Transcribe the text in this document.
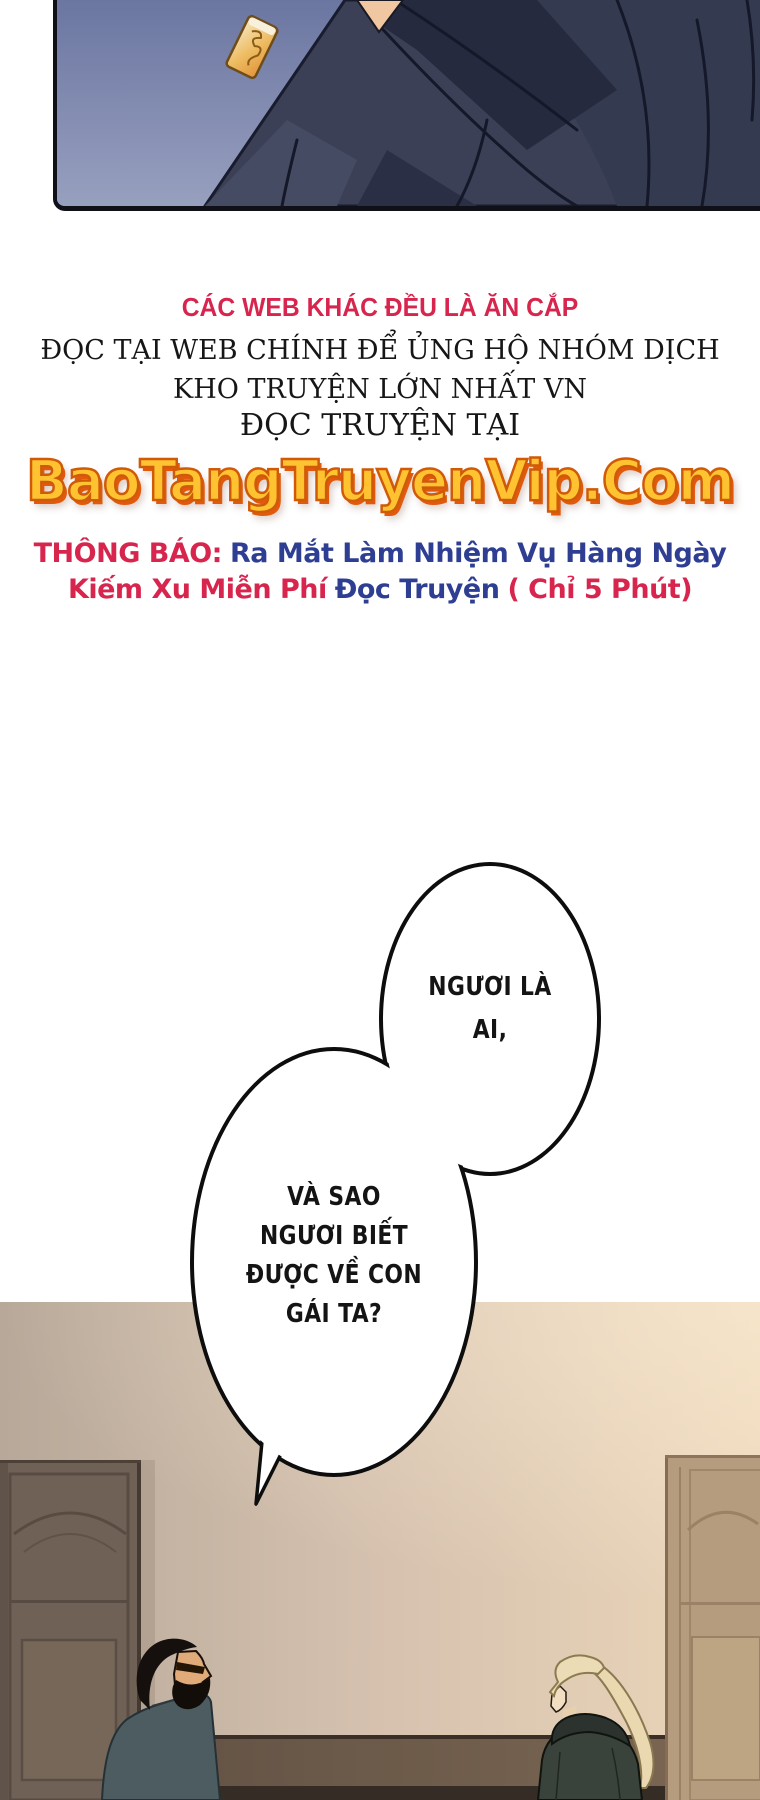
CÁC WEB KHÁC ĐỀU LÀ ĂN CẮP
ĐỌC TẠI WEB CHÍNH ĐỂ ỦNG HỘ NHÓM DỊCH
KHO TRUYỆN LỚN NHẤT VN
ĐỌC TRUYỆN TẠI
BaoTangTruyenVip.Com
THÔNG BÁO: Ra Mắt Làm Nhiệm Vụ Hàng Ngày
Kiếm Xu Miễn Phí Đọc Truyện ( Chỉ 5 Phút)
NGƯƠI LÀ
AI,
VÀ SAO
NGƯƠI BIẾT
ĐƯỢC VỀ CON
GÁI TA?
